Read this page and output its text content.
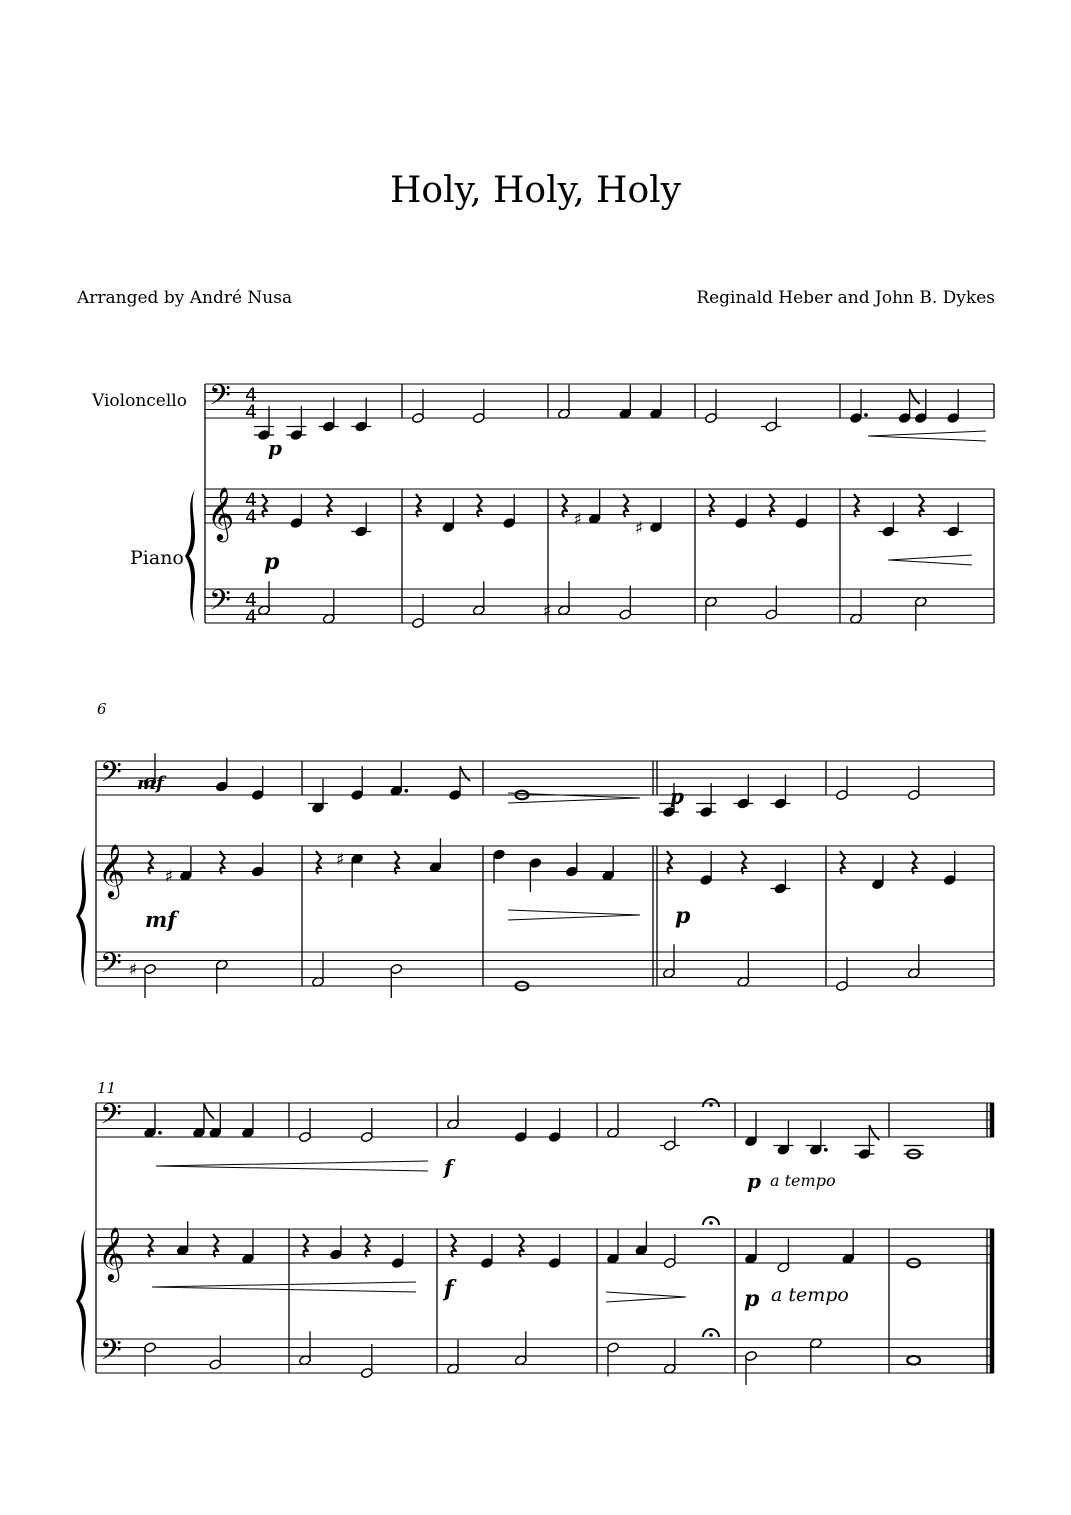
Holy, Holy, Holy
Arranged by André Nusa	Reginald Heber and John B. Dykes
𝄢
𝄞
𝄢
4
4
4
4
4
4
♯	♯
♯
𝄢
𝄞
𝄢
♯
♯
♯
𝄢
𝄞
𝄢
Violoncello
Piano
6
11
p
p
mf
mf
p
p
f
f
p a tempo
p a tempo
